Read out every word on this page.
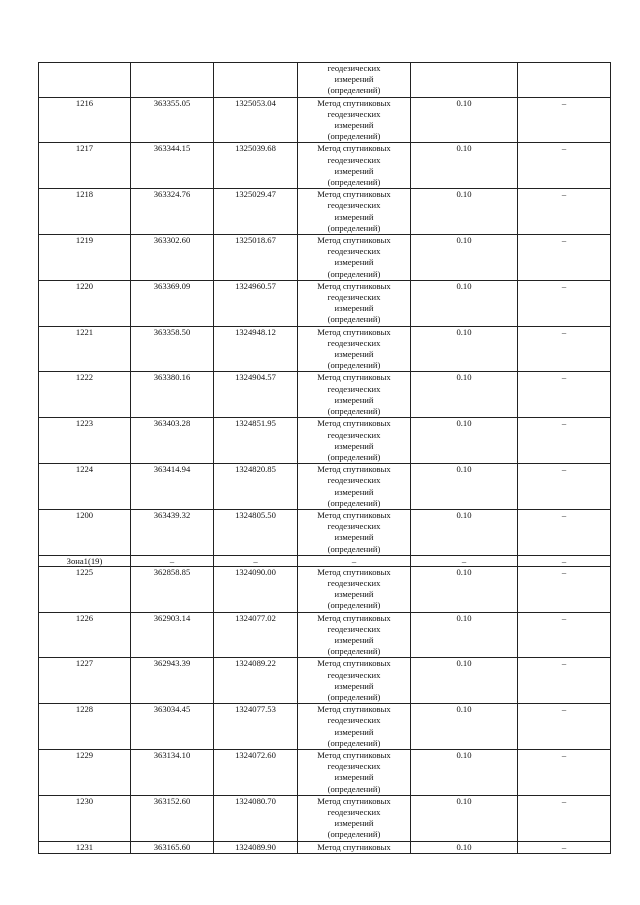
			геодезических
измерений
(определений)		
1216	363355.05	1325053.04	Метод спутниковых
геодезических
измерений
(определений)	0.10	–
1217	363344.15	1325039.68	Метод спутниковых
геодезических
измерений
(определений)	0.10	–
1218	363324.76	1325029.47	Метод спутниковых
геодезических
измерений
(определений)	0.10	–
1219	363302.60	1325018.67	Метод спутниковых
геодезических
измерений
(определений)	0.10	–
1220	363369.09	1324960.57	Метод спутниковых
геодезических
измерений
(определений)	0.10	–
1221	363358.50	1324948.12	Метод спутниковых
геодезических
измерений
(определений)	0.10	–
1222	363380.16	1324904.57	Метод спутниковых
геодезических
измерений
(определений)	0.10	–
1223	363403.28	1324851.95	Метод спутниковых
геодезических
измерений
(определений)	0.10	–
1224	363414.94	1324820.85	Метод спутниковых
геодезических
измерений
(определений)	0.10	–
1200	363439.32	1324805.50	Метод спутниковых
геодезических
измерений
(определений)	0.10	–
Зона1(19)	–	–	–	–	–
1225	362858.85	1324090.00	Метод спутниковых
геодезических
измерений
(определений)	0.10	–
1226	362903.14	1324077.02	Метод спутниковых
геодезических
измерений
(определений)	0.10	–
1227	362943.39	1324089.22	Метод спутниковых
геодезических
измерений
(определений)	0.10	–
1228	363034.45	1324077.53	Метод спутниковых
геодезических
измерений
(определений)	0.10	–
1229	363134.10	1324072.60	Метод спутниковых
геодезических
измерений
(определений)	0.10	–
1230	363152.60	1324080.70	Метод спутниковых
геодезических
измерений
(определений)	0.10	–
1231	363165.60	1324089.90	Метод спутниковых	0.10	–
